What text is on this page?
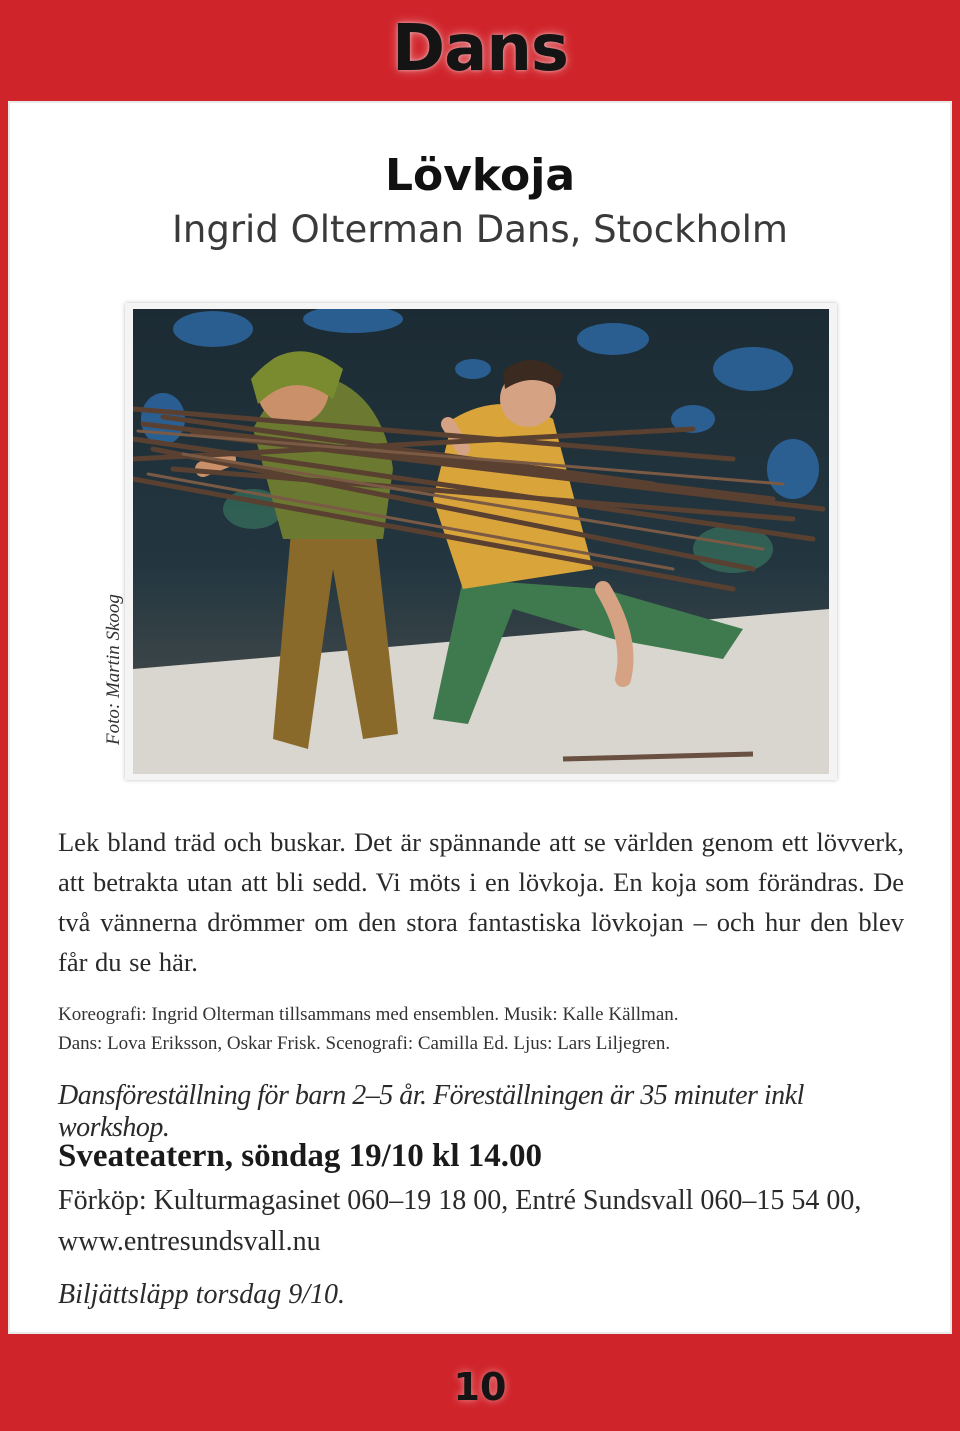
Dans
Lövkoja
Ingrid Olterman Dans, Stockholm
Foto: Martin Skoog
Lek bland träd och buskar. Det är spännande att se världen genom ett lövverk, att betrakta utan att bli sedd. Vi möts i en lövkoja. En koja som förändras. De två vännerna drömmer om den stora fantastiska lövkojan – och hur den blev får du se här.
Koreografi: Ingrid Olterman tillsammans med ensemblen. Musik: Kalle Källman.
Dans: Lova Eriksson, Oskar Frisk. Scenografi: Camilla Ed. Ljus: Lars Liljegren.
Dansföreställning för barn 2–5 år. Föreställningen är 35 minuter inkl workshop.
Sveateatern, söndag 19/10 kl 14.00
Förköp: Kulturmagasinet 060–19 18 00, Entré Sundsvall 060–15 54 00, www.entresundsvall.nu
Biljättsläpp torsdag 9/10.
10
